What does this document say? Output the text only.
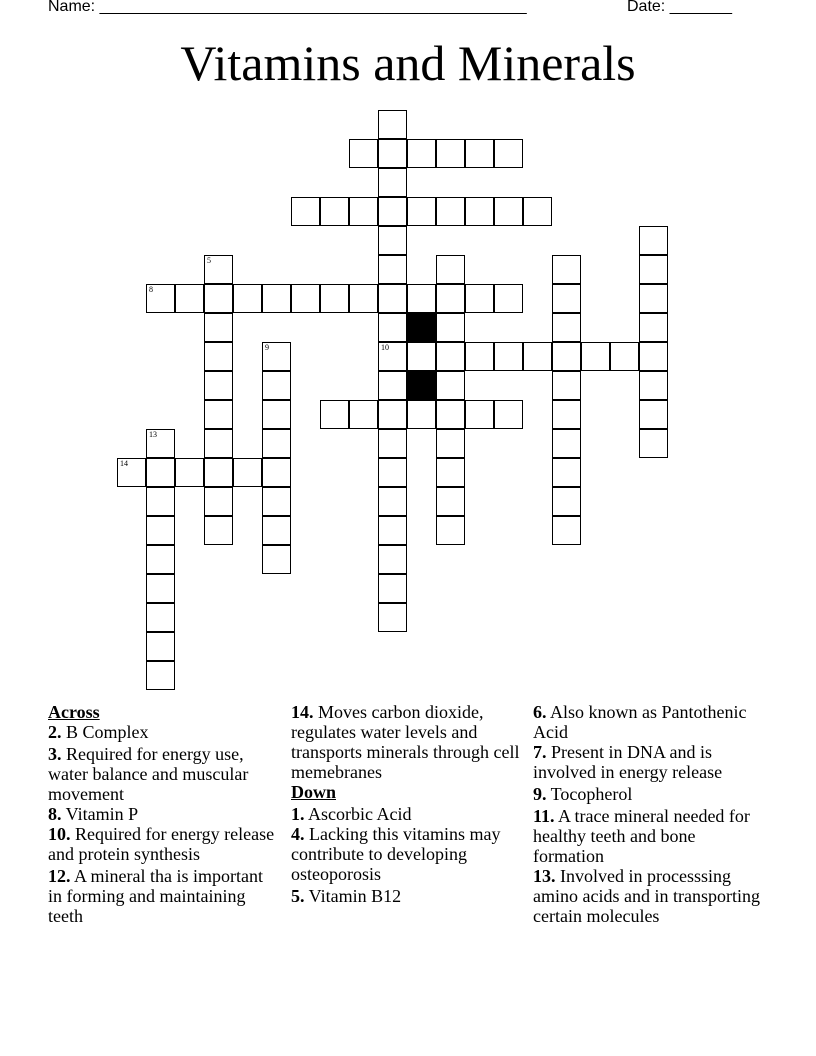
Name: ________________________________________________	Date: _______
Vitamins and Minerals
8
14
10
5
9
13
Across
2. B Complex
3. Required for energy use, water balance and muscular movement
8. Vitamin P
10. Required for energy release and protein synthesis
12. A mineral tha is important in forming and maintaining teeth
14. Moves carbon dioxide, regulates water levels and transports minerals through cell memebranes
Down
1. Ascorbic Acid
4. Lacking this vitamins may contribute to developing osteoporosis
5. Vitamin B12
6. Also known as Pantothenic Acid
7. Present in DNA and is involved in energy release
9. Tocopherol
11. A trace mineral needed for healthy teeth and bone formation
13. Involved in processsing amino acids and in transporting certain molecules
